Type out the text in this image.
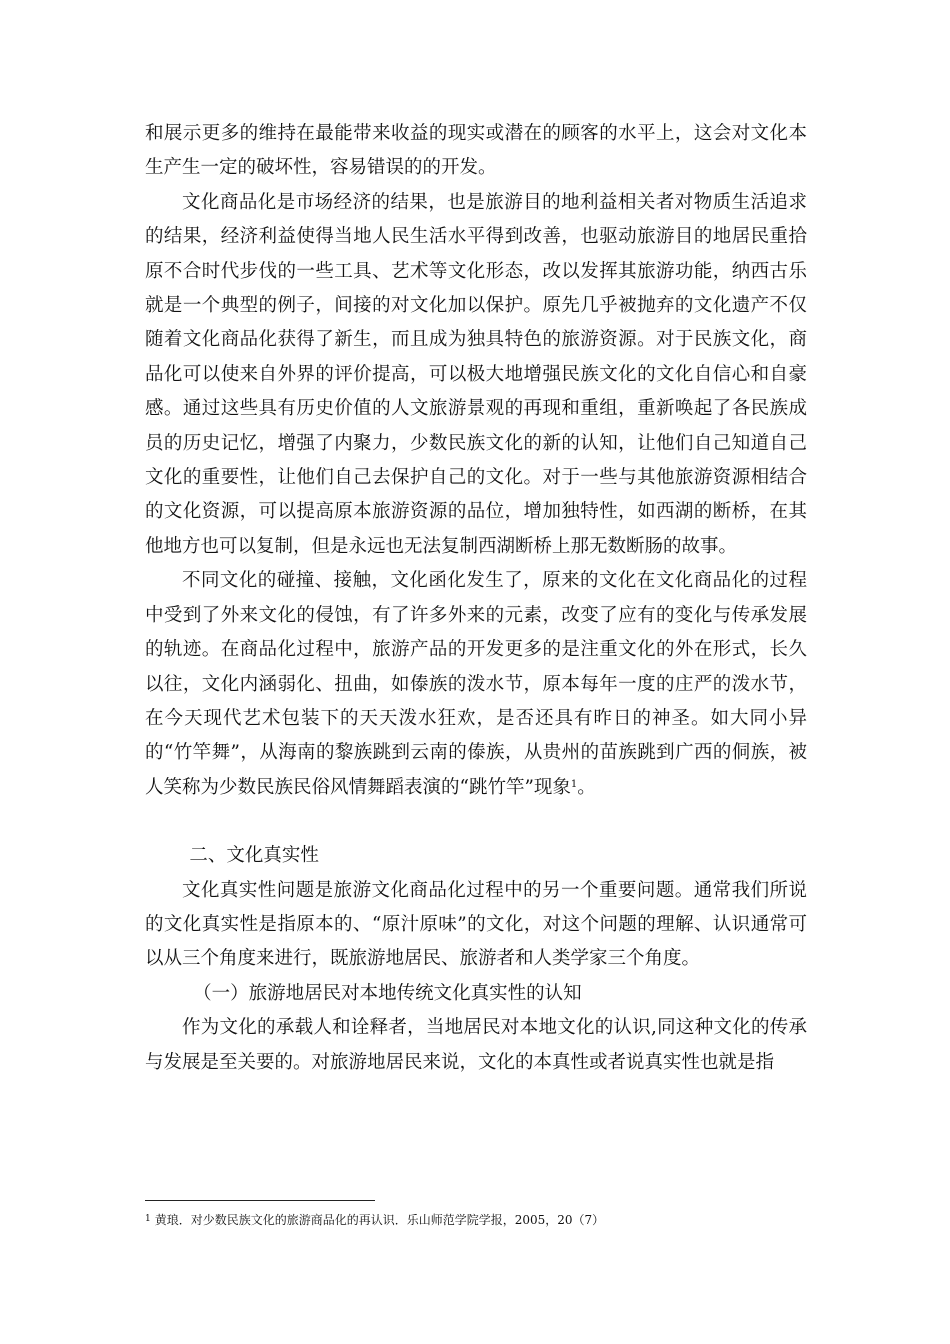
和展示更多的维持在最能带来收益的现实或潜在的顾客的水平上，这会对文化本生产生一定的破坏性，容易错误的的开发。

文化商品化是市场经济的结果，也是旅游目的地利益相关者对物质生活追求的结果，经济利益使得当地人民生活水平得到改善，也驱动旅游目的地居民重拾原不合时代步伐的一些工具、艺术等文化形态，改以发挥其旅游功能，纳西古乐就是一个典型的例子，间接的对文化加以保护。原先几乎被抛弃的文化遗产不仅随着文化商品化获得了新生，而且成为独具特色的旅游资源。对于民族文化，商品化可以使来自外界的评价提高，可以极大地增强民族文化的文化自信心和自豪感。通过这些具有历史价值的人文旅游景观的再现和重组，重新唤起了各民族成员的历史记忆，增强了内聚力，少数民族文化的新的认知，让他们自己知道自己文化的重要性，让他们自己去保护自己的文化。对于一些与其他旅游资源相结合的文化资源，可以提高原本旅游资源的品位，增加独特性，如西湖的断桥，在其他地方也可以复制，但是永远也无法复制西湖断桥上那无数断肠的故事。

不同文化的碰撞、接触，文化函化发生了，原来的文化在文化商品化的过程中受到了外来文化的侵蚀，有了许多外来的元素，改变了应有的变化与传承发展的轨迹。在商品化过程中，旅游产品的开发更多的是注重文化的外在形式，长久以往，文化内涵弱化、扭曲，如傣族的泼水节，原本每年一度的庄严的泼水节，在今天现代艺术包装下的天天泼水狂欢，是否还具有昨日的神圣。如大同小异的“竹竿舞”，从海南的黎族跳到云南的傣族，从贵州的苗族跳到广西的侗族，被人笑称为少数民族民俗风情舞蹈表演的“跳竹竿”现象$^1$。

二、文化真实性

文化真实性问题是旅游文化商品化过程中的另一个重要问题。通常我们所说的文化真实性是指原本的、“原汁原味”的文化，对这个问题的理解、认识通常可以从三个角度来进行，既旅游地居民、旅游者和人类学家三个角度。

（一）旅游地居民对本地传统文化真实性的认知

作为文化的承载人和诠释者，当地居民对本地文化的认识,同这种文化的传承与发展是至关要的。对旅游地居民来说，文化的本真性或者说真实性也就是指

$^1$ 黄琅．对少数民族文化的旅游商品化的再认识．乐山师范学院学报，2005，20（7）
